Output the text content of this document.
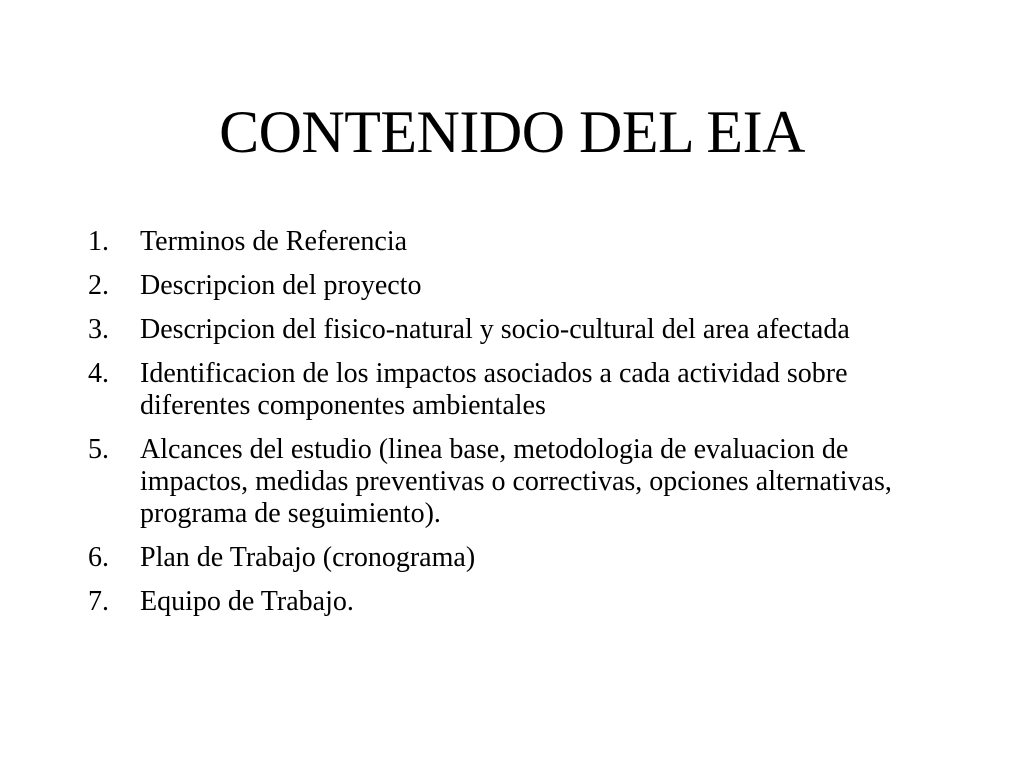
CONTENIDO DEL EIA
1. Terminos de Referencia
2. Descripcion del proyecto
3. Descripcion del fisico-natural y socio-cultural del area afectada
4. Identificacion de los impactos asociados a cada actividad sobre diferentes componentes ambientales
5. Alcances del estudio (linea base, metodologia de evaluacion de impactos, medidas preventivas o correctivas, opciones alternativas, programa de seguimiento).
6. Plan de Trabajo (cronograma)
7. Equipo de Trabajo.
